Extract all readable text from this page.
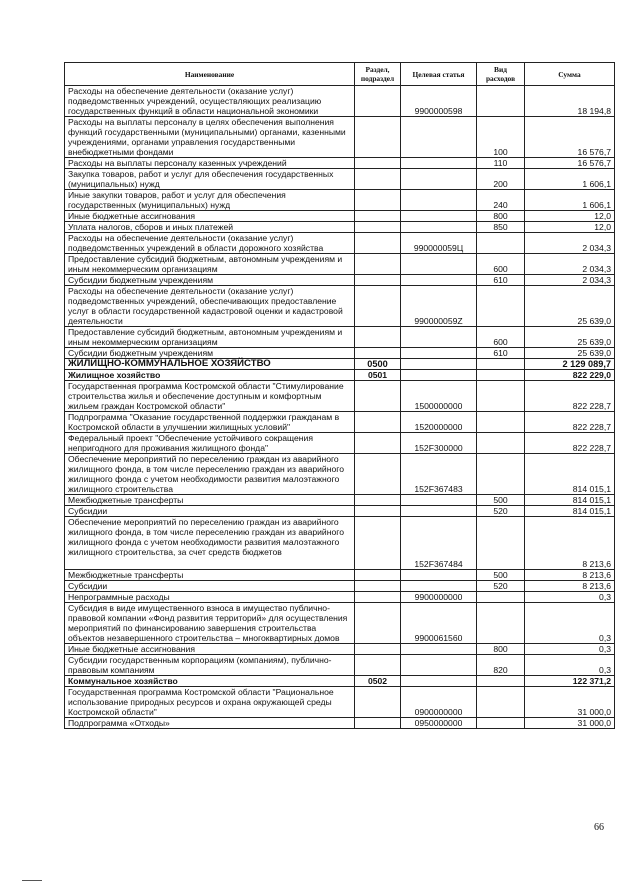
Наименование	Раздел, подраздел	Целевая статья	Вид расходов	Сумма
Расходы на обеспечение деятельности (оказание услуг) подведомственных учреждений, осуществляющих реализацию государственных функций в области национальной экономики		9900000598		18 194,8
Расходы на выплаты персоналу в целях обеспечения выполнения функций государственными (муниципальными) органами, казенными учреждениями, органами управления государственными внебюджетными фондами			100	16 576,7
Расходы на выплаты персоналу казенных учреждений			110	16 576,7
Закупка товаров, работ и услуг для обеспечения государственных (муниципальных) нужд			200	1 606,1
Иные закупки товаров, работ и услуг для обеспечения государственных (муниципальных) нужд			240	1 606,1
Иные бюджетные ассигнования			800	12,0
Уплата налогов, сборов и иных платежей			850	12,0
Расходы на обеспечение деятельности (оказание услуг) подведомственных учреждений в области дорожного хозяйства		990000059Ц		2 034,3
Предоставление субсидий бюджетным, автономным учреждениям и иным некоммерческим организациям			600	2 034,3
Субсидии бюджетным учреждениям			610	2 034,3
Расходы на обеспечение деятельности (оказание услуг) подведомственных учреждений, обеспечивающих предоставление услуг в области государственной кадастровой оценки и кадастровой деятельности		990000059Z		25 639,0
Предоставление субсидий бюджетным, автономным учреждениям и иным некоммерческим организациям			600	25 639,0
Субсидии бюджетным учреждениям			610	25 639,0
ЖИЛИЩНО-КОММУНАЛЬНОЕ ХОЗЯЙСТВО	0500			2 129 089,7
Жилищное хозяйство	0501			822 229,0
Государственная программа Костромской области "Стимулирование строительства жилья и обеспечение доступным и комфортным жильем граждан Костромской области"		1500000000		822 228,7
Подпрограмма "Оказание государственной поддержки гражданам в Костромской области в улучшении жилищных условий"		1520000000		822 228,7
Федеральный проект "Обеспечение устойчивого сокращения непригодного для проживания жилищного фонда"		152F300000		822 228,7
Обеспечение мероприятий по переселению граждан из аварийного жилищного фонда, в том числе переселению граждан из аварийного жилищного фонда с учетом необходимости развития малоэтажного жилищного строительства		152F367483		814 015,1
Межбюджетные трансферты			500	814 015,1
Субсидии			520	814 015,1
Обеспечение мероприятий по переселению граждан из аварийного жилищного фонда, в том числе переселению граждан из аварийного жилищного фонда с учетом необходимости развития малоэтажного жилищного строительства, за счет средств бюджетов		152F367484		8 213,6
Межбюджетные трансферты			500	8 213,6
Субсидии			520	8 213,6
Непрограммные расходы		9900000000		0,3
Субсидия в виде имущественного взноса в имущество публично-правовой компании «Фонд развития территорий» для осуществления мероприятий по финансированию завершения строительства объектов незавершенного строительства – многоквартирных домов		9900061560		0,3
Иные бюджетные ассигнования			800	0,3
Субсидии государственным корпорациям (компаниям), публично-правовым компаниям			820	0,3
Коммунальное хозяйство	0502			122 371,2
Государственная программа Костромской области "Рациональное использование природных ресурсов и охрана окружающей среды Костромской области"		0900000000		31 000,0
Подпрограмма «Отходы»		0950000000		31 000,0
66
